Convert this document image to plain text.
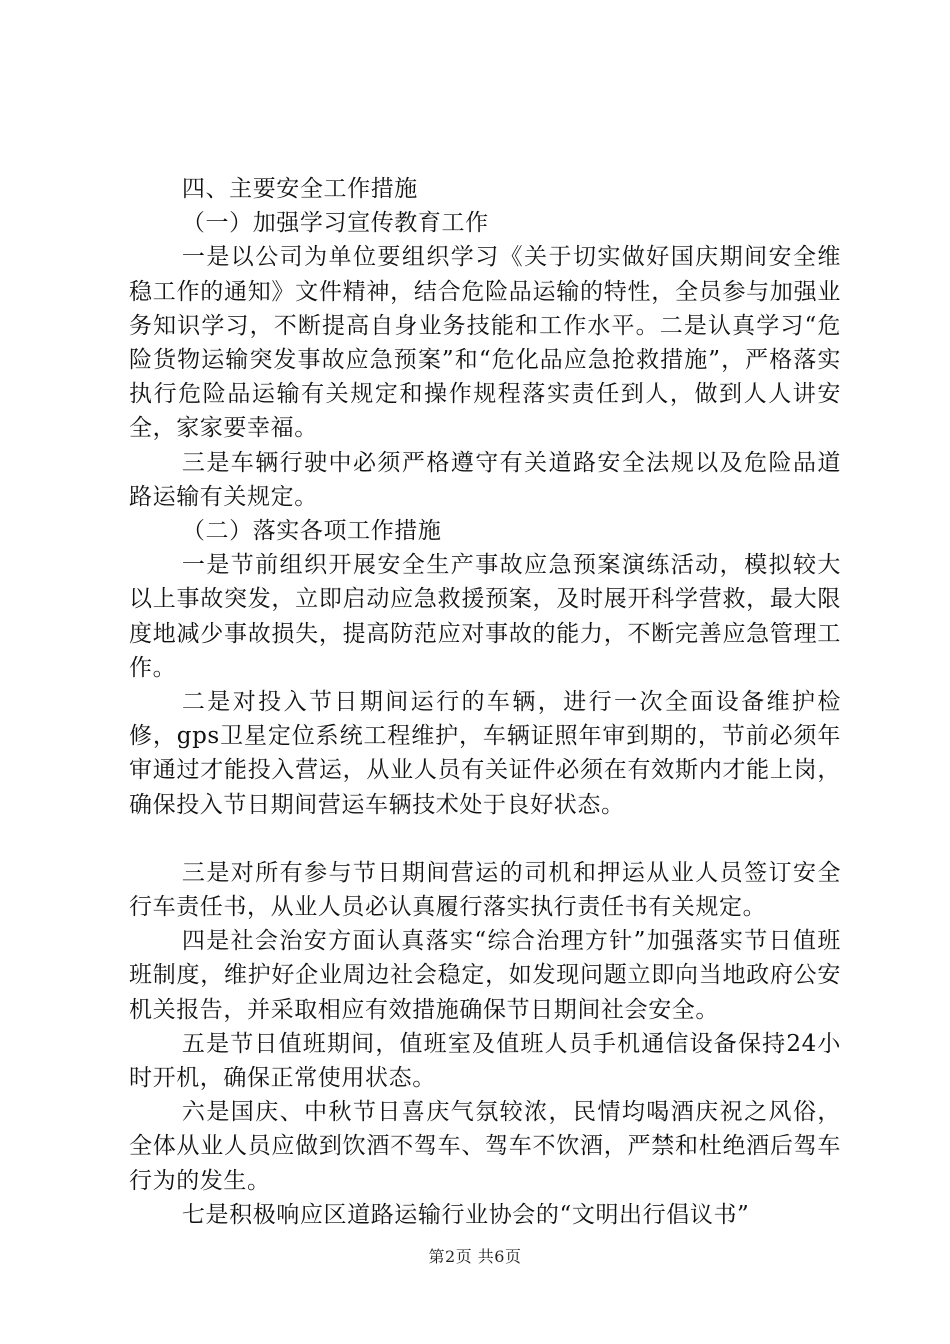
四、主要安全工作措施

（一）加强学习宣传教育工作

一是以公司为单位要组织学习《关于切实做好国庆期间安全维稳工作的通知》文件精神，结合危险品运输的特性，全员参与加强业务知识学习，不断提高自身业务技能和工作水平。二是认真学习“危险货物运输突发事故应急预案”和“危化品应急抢救措施”，严格落实执行危险品运输有关规定和操作规程落实责任到人，做到人人讲安全，家家要幸福。

三是车辆行驶中必须严格遵守有关道路安全法规以及危险品道路运输有关规定。

（二）落实各项工作措施

一是节前组织开展安全生产事故应急预案演练活动，模拟较大以上事故突发，立即启动应急救援预案，及时展开科学营救，最大限度地减少事故损失，提高防范应对事故的能力，不断完善应急管理工作。

二是对投入节日期间运行的车辆，进行一次全面设备维护检修，gps卫星定位系统工程维护，车辆证照年审到期的，节前必须年审通过才能投入营运，从业人员有关证件必须在有效斯内才能上岗，确保投入节日期间营运车辆技术处于良好状态。

三是对所有参与节日期间营运的司机和押运从业人员签订安全行车责任书，从业人员必认真履行落实执行责任书有关规定。

四是社会治安方面认真落实“综合治理方针”加强落实节日值班班制度，维护好企业周边社会稳定，如发现问题立即向当地政府公安机关报告，并采取相应有效措施确保节日期间社会安全。

五是节日值班期间，值班室及值班人员手机通信设备保持24小时开机，确保正常使用状态。

六是国庆、中秋节日喜庆气氛较浓，民情均喝酒庆祝之风俗，全体从业人员应做到饮酒不驾车、驾车不饮酒，严禁和杜绝酒后驾车行为的发生。

七是积极响应区道路运输行业协会的“文明出行倡议书”

第2页 共6页
